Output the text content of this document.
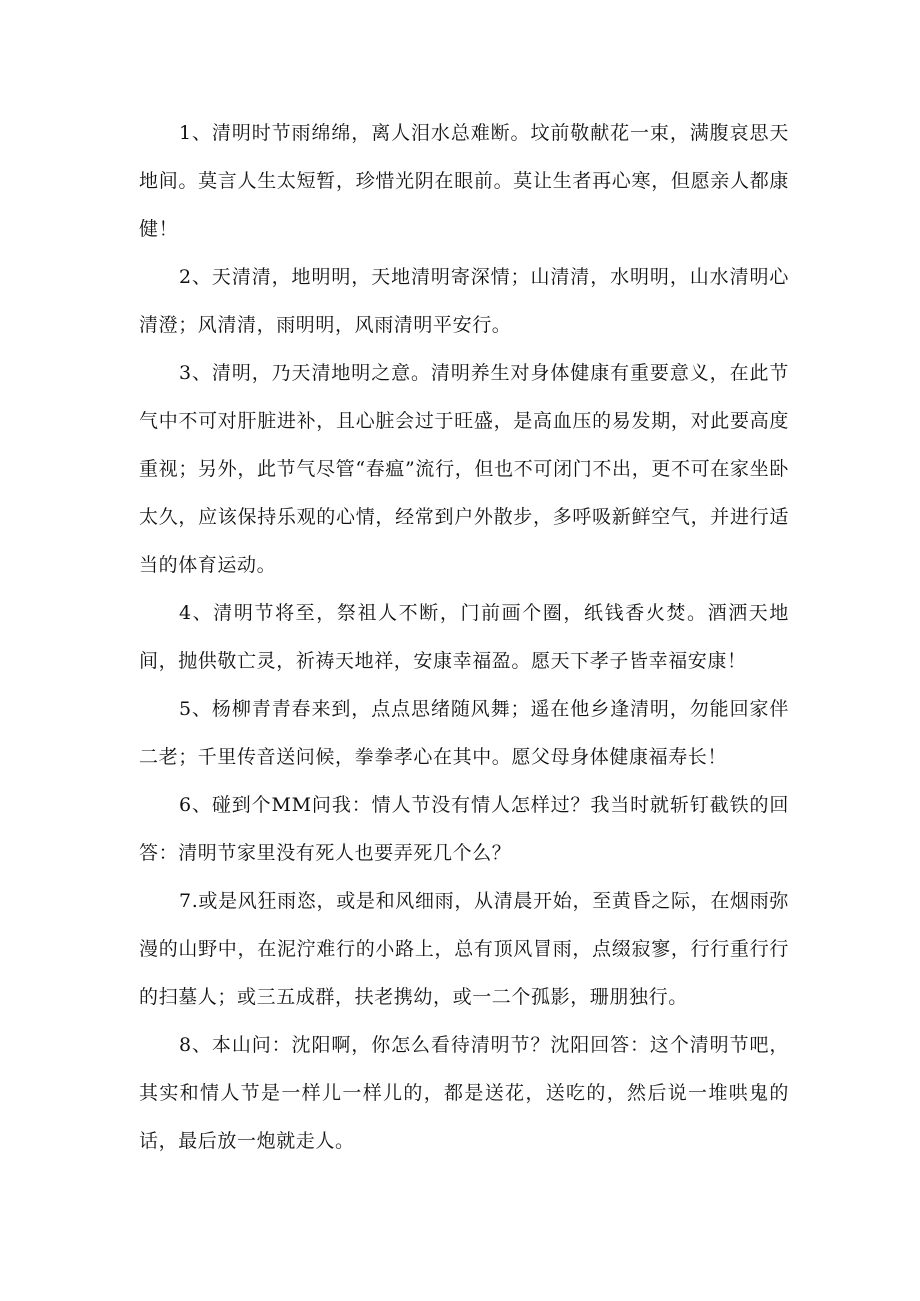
1、清明时节雨绵绵，离人泪水总难断。坟前敬献花一束，满腹哀思天地间。莫言人生太短暂，珍惜光阴在眼前。莫让生者再心寒，但愿亲人都康健！

2、天清清，地明明，天地清明寄深情；山清清，水明明，山水清明心清澄；风清清，雨明明，风雨清明平安行。

3、清明，乃天清地明之意。清明养生对身体健康有重要意义，在此节气中不可对肝脏进补，且心脏会过于旺盛，是高血压的易发期，对此要高度重视；另外，此节气尽管“春瘟”流行，但也不可闭门不出，更不可在家坐卧太久，应该保持乐观的心情，经常到户外散步，多呼吸新鲜空气，并进行适当的体育运动。

4、清明节将至，祭祖人不断，门前画个圈，纸钱香火焚。酒洒天地间，抛供敬亡灵，祈祷天地祥，安康幸福盈。愿天下孝子皆幸福安康！

5、杨柳青青春来到，点点思绪随风舞；遥在他乡逢清明，勿能回家伴二老；千里传音送问候，拳拳孝心在其中。愿父母身体健康福寿长！

6、碰到个MM问我：情人节没有情人怎样过？我当时就斩钉截铁的回答：清明节家里没有死人也要弄死几个么？

7.或是风狂雨恣，或是和风细雨，从清晨开始，至黄昏之际，在烟雨弥漫的山野中，在泥泞难行的小路上，总有顶风冒雨，点缀寂寥，行行重行行的扫墓人；或三五成群，扶老携幼，或一二个孤影，珊朋独行。

8、本山问：沈阳啊，你怎么看待清明节？沈阳回答：这个清明节吧，其实和情人节是一样儿一样儿的，都是送花，送吃的，然后说一堆哄鬼的话，最后放一炮就走人。
